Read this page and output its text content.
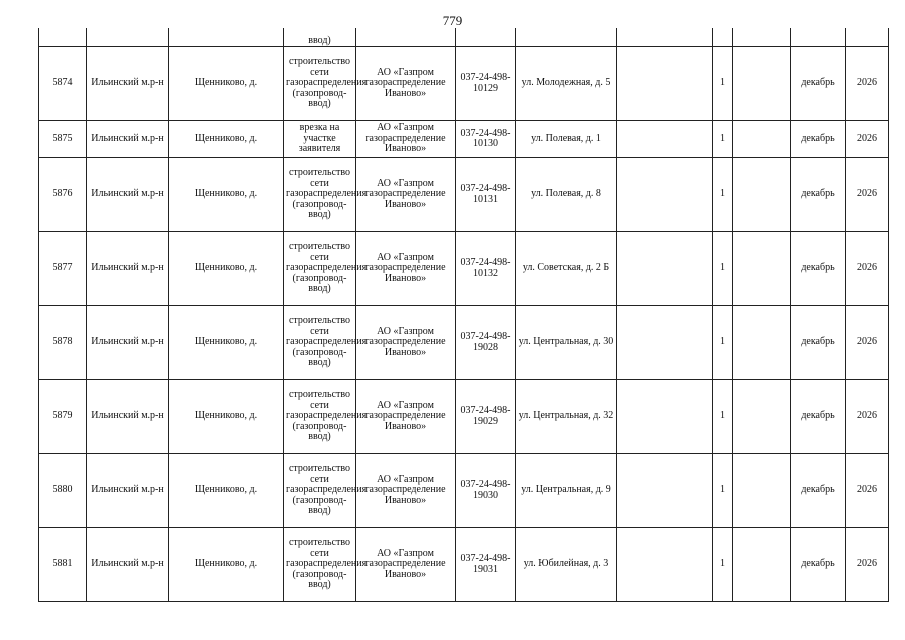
779
			ввод)								
5874	Ильинский м.р-н	Щенниково, д.	строительство сети газораспределения (газопровод-ввод)	АО «Газпром газораспределение Иваново»	037-24-498-10129	ул. Молодежная, д. 5		1		декабрь	2026
5875	Ильинский м.р-н	Щенниково, д.	врезка на участке заявителя	АО «Газпром газораспределение Иваново»	037-24-498-10130	ул. Полевая, д. 1		1		декабрь	2026
5876	Ильинский м.р-н	Щенниково, д.	строительство сети газораспределения (газопровод-ввод)	АО «Газпром газораспределение Иваново»	037-24-498-10131	ул. Полевая, д. 8		1		декабрь	2026
5877	Ильинский м.р-н	Щенниково, д.	строительство сети газораспределения (газопровод-ввод)	АО «Газпром газораспределение Иваново»	037-24-498-10132	ул. Советская, д. 2 Б		1		декабрь	2026
5878	Ильинский м.р-н	Щенниково, д.	строительство сети газораспределения (газопровод-ввод)	АО «Газпром газораспределение Иваново»	037-24-498-19028	ул. Центральная, д. 30		1		декабрь	2026
5879	Ильинский м.р-н	Щенниково, д.	строительство сети газораспределения (газопровод-ввод)	АО «Газпром газораспределение Иваново»	037-24-498-19029	ул. Центральная, д. 32		1		декабрь	2026
5880	Ильинский м.р-н	Щенниково, д.	строительство сети газораспределения (газопровод-ввод)	АО «Газпром газораспределение Иваново»	037-24-498-19030	ул. Центральная, д. 9		1		декабрь	2026
5881	Ильинский м.р-н	Щенниково, д.	строительство сети газораспределения (газопровод-ввод)	АО «Газпром газораспределение Иваново»	037-24-498-19031	ул. Юбилейная, д. 3		1		декабрь	2026
